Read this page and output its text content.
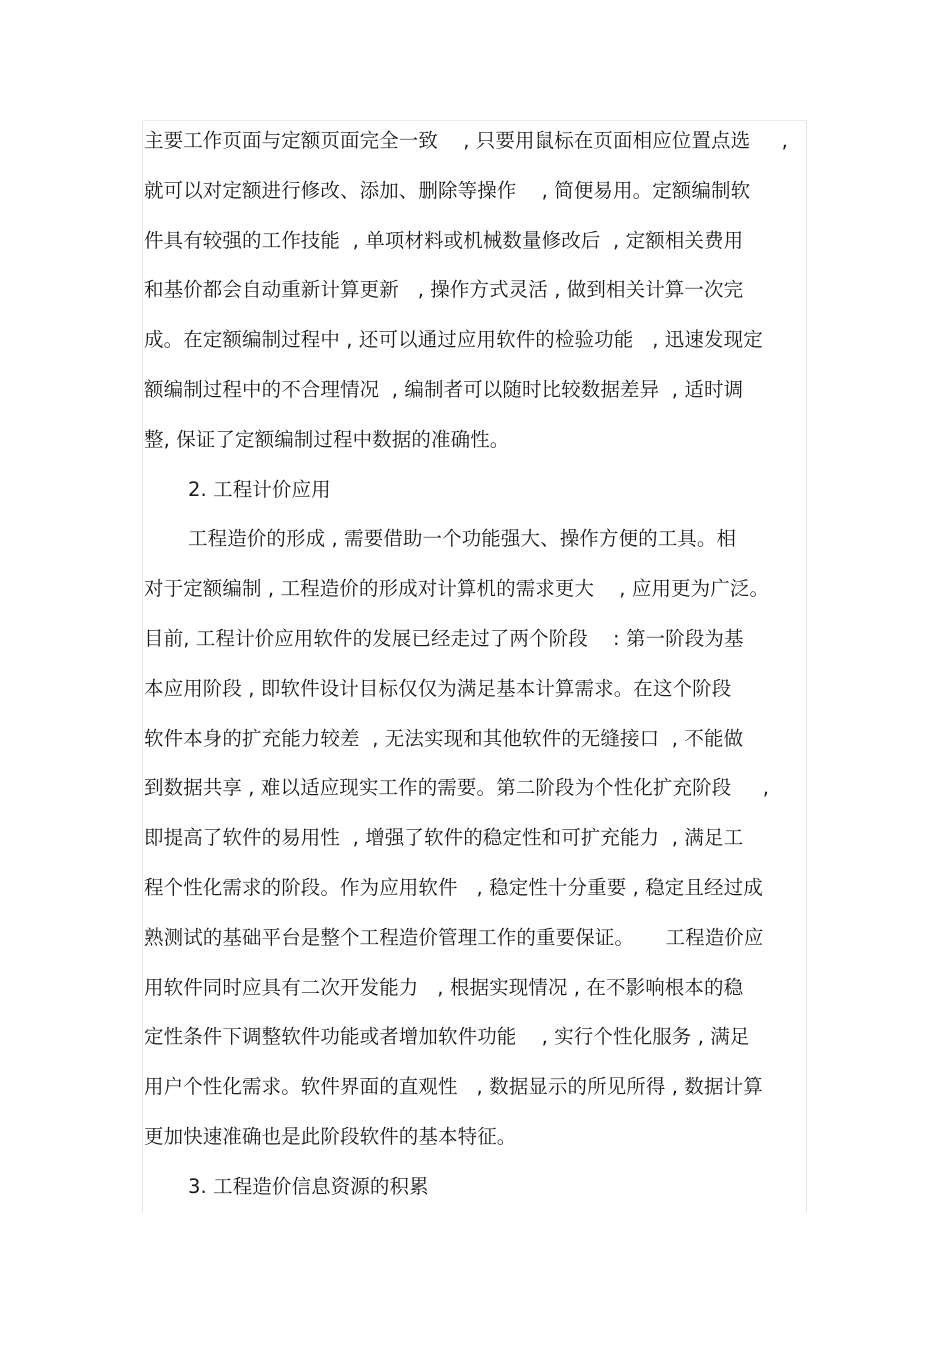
主要工作页面与定额页面完全一致    , 只要用鼠标在页面相应位置点选     ,
就可以对定额进行修改、添加、删除等操作    , 简便易用。定额编制软
件具有较强的工作技能  , 单项材料或机械数量修改后  , 定额相关费用
和基价都会自动重新计算更新   , 操作方式灵活 , 做到相关计算一次完
成。在定额编制过程中 , 还可以通过应用软件的检验功能   , 迅速发现定
额编制过程中的不合理情况  , 编制者可以随时比较数据差异  , 适时调
整, 保证了定额编制过程中数据的准确性。
2. 工程计价应用
工程造价的形成 , 需要借助一个功能强大、操作方便的工具。相
对于定额编制 , 工程造价的形成对计算机的需求更大    , 应用更为广泛。
目前, 工程计价应用软件的发展已经走过了两个阶段    : 第一阶段为基
本应用阶段 , 即软件设计目标仅仅为满足基本计算需求。在这个阶段
软件本身的扩充能力较差  , 无法实现和其他软件的无缝接口  , 不能做
到数据共享 , 难以适应现实工作的需要。第二阶段为个性化扩充阶段     ,
即提高了软件的易用性  , 增强了软件的稳定性和可扩充能力  , 满足工
程个性化需求的阶段。作为应用软件   , 稳定性十分重要 , 稳定且经过成
熟测试的基础平台是整个工程造价管理工作的重要保证。     工程造价应
用软件同时应具有二次开发能力   , 根据实现情况 , 在不影响根本的稳
定性条件下调整软件功能或者增加软件功能    , 实行个性化服务 , 满足
用户个性化需求。软件界面的直观性   , 数据显示的所见所得 , 数据计算
更加快速准确也是此阶段软件的基本特征。
3. 工程造价信息资源的积累
